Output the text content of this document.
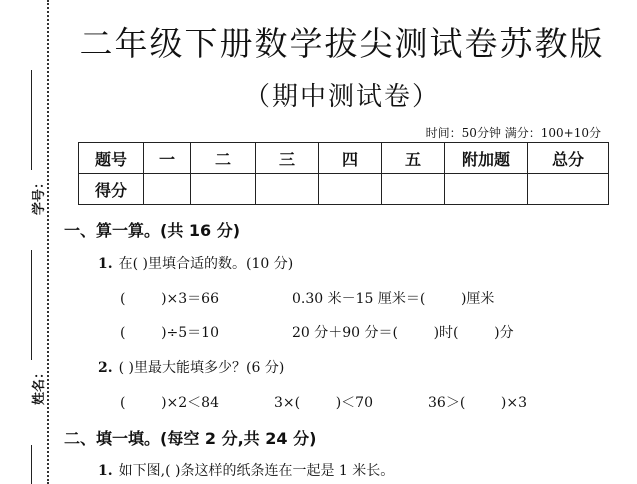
学号：
姓名：
二年级下册数学拔尖测试卷苏教版
（期中测试卷）
时间：50分钟 满分：100+10分
题号	一	二	三	四	五	附加题	总分
得分							
一、算一算。(共 16 分)
1. 在( )里填合适的数。(10 分)
(        )×3＝66	0.30 米－15 厘米＝(        )厘米
(        )÷5＝10	20 分＋90 分＝(        )时(        )分
2. ( )里最大能填多少？(6 分)
(        )×2＜84	3×(        )＜70	36＞(        )×3
二、填一填。(每空 2 分,共 24 分)
1. 如下图,( )条这样的纸条连在一起是 1 米长。
